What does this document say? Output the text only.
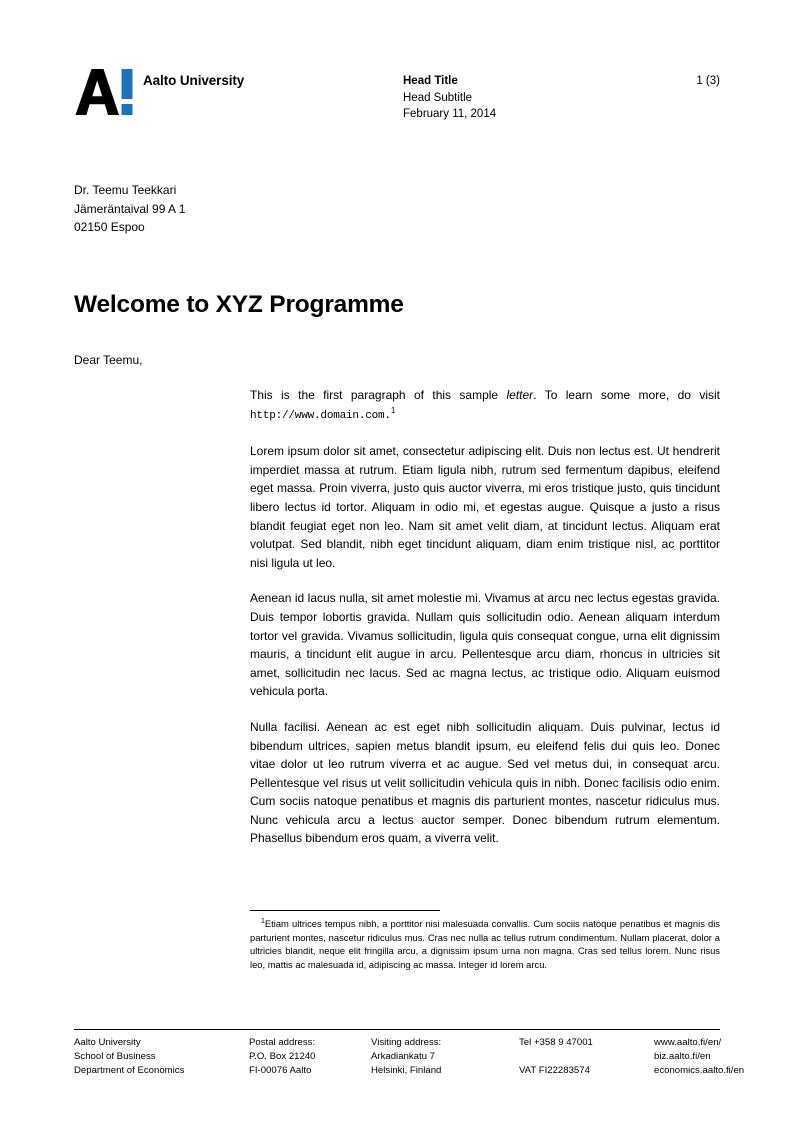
Aalto University	Head Title
Head Subtitle
February 11, 2014
1 (3)
Dr. Teemu Teekkari
Jämeräntaival 99 A 1
02150 Espoo
Welcome to XYZ Programme
Dear Teemu,

This is the first paragraph of this sample letter. To learn some more, do visit http://www.domain.com.$^1$

Lorem ipsum dolor sit amet, consectetur adipiscing elit. Duis non lectus est. Ut hendrerit imperdiet massa at rutrum. Etiam ligula nibh, rutrum sed fermentum dapibus, eleifend eget massa. Proin viverra, justo quis auctor viverra, mi eros tristique justo, quis tincidunt libero lectus id tortor. Aliquam in odio mi, et egestas augue. Quisque a justo a risus blandit feugiat eget non leo. Nam sit amet velit diam, at tincidunt lectus. Aliquam erat volutpat. Sed blandit, nibh eget tincidunt aliquam, diam enim tristique nisl, ac porttitor nisi ligula ut leo.

Aenean id lacus nulla, sit amet molestie mi. Vivamus at arcu nec lectus egestas gravida. Duis tempor lobortis gravida. Nullam quis sollicitudin odio. Aenean aliquam interdum tortor vel gravida. Vivamus sollicitudin, ligula quis consequat congue, urna elit dignissim mauris, a tincidunt elit augue in arcu. Pellentesque arcu diam, rhoncus in ultricies sit amet, sollicitudin nec lacus. Sed ac magna lectus, ac tristique odio. Aliquam euismod vehicula porta.

Nulla facilisi. Aenean ac est eget nibh sollicitudin aliquam. Duis pulvinar, lectus id bibendum ultrices, sapien metus blandit ipsum, eu eleifend felis dui quis leo. Donec vitae dolor ut leo rutrum viverra et ac augue. Sed vel metus dui, in consequat arcu. Pellentesque vel risus ut velit sollicitudin vehicula quis in nibh. Donec facilisis odio enim. Cum sociis natoque penatibus et magnis dis parturient montes, nascetur ridiculus mus. Nunc vehicula arcu a lectus auctor semper. Donec bibendum rutrum elementum. Phasellus bibendum eros quam, a viverra velit.

$^1$Etiam ultrices tempus nibh, a porttitor nisi malesuada convallis. Cum sociis natoque penatibus et magnis dis parturient montes, nascetur ridiculus mus. Cras nec nulla ac tellus rutrum condimentum. Nullam placerat, dolor a ultricies blandit, neque elit fringilla arcu, a dignissim ipsum urna non magna. Cras sed tellus lorem. Nunc risus leo, mattis ac malesuada id, adipiscing ac massa. Integer id lorem arcu.
Aalto University
School of Business
Department of Economics
Postal address:
P.O. Box 21240
FI-00076 Aalto
Visiting address:
Arkadiankatu 7
Helsinki, Finland
Tel +358 9 47001
VAT FI22283574
www.aalto.fi/en/
biz.aalto.fi/en
economics.aalto.fi/en
